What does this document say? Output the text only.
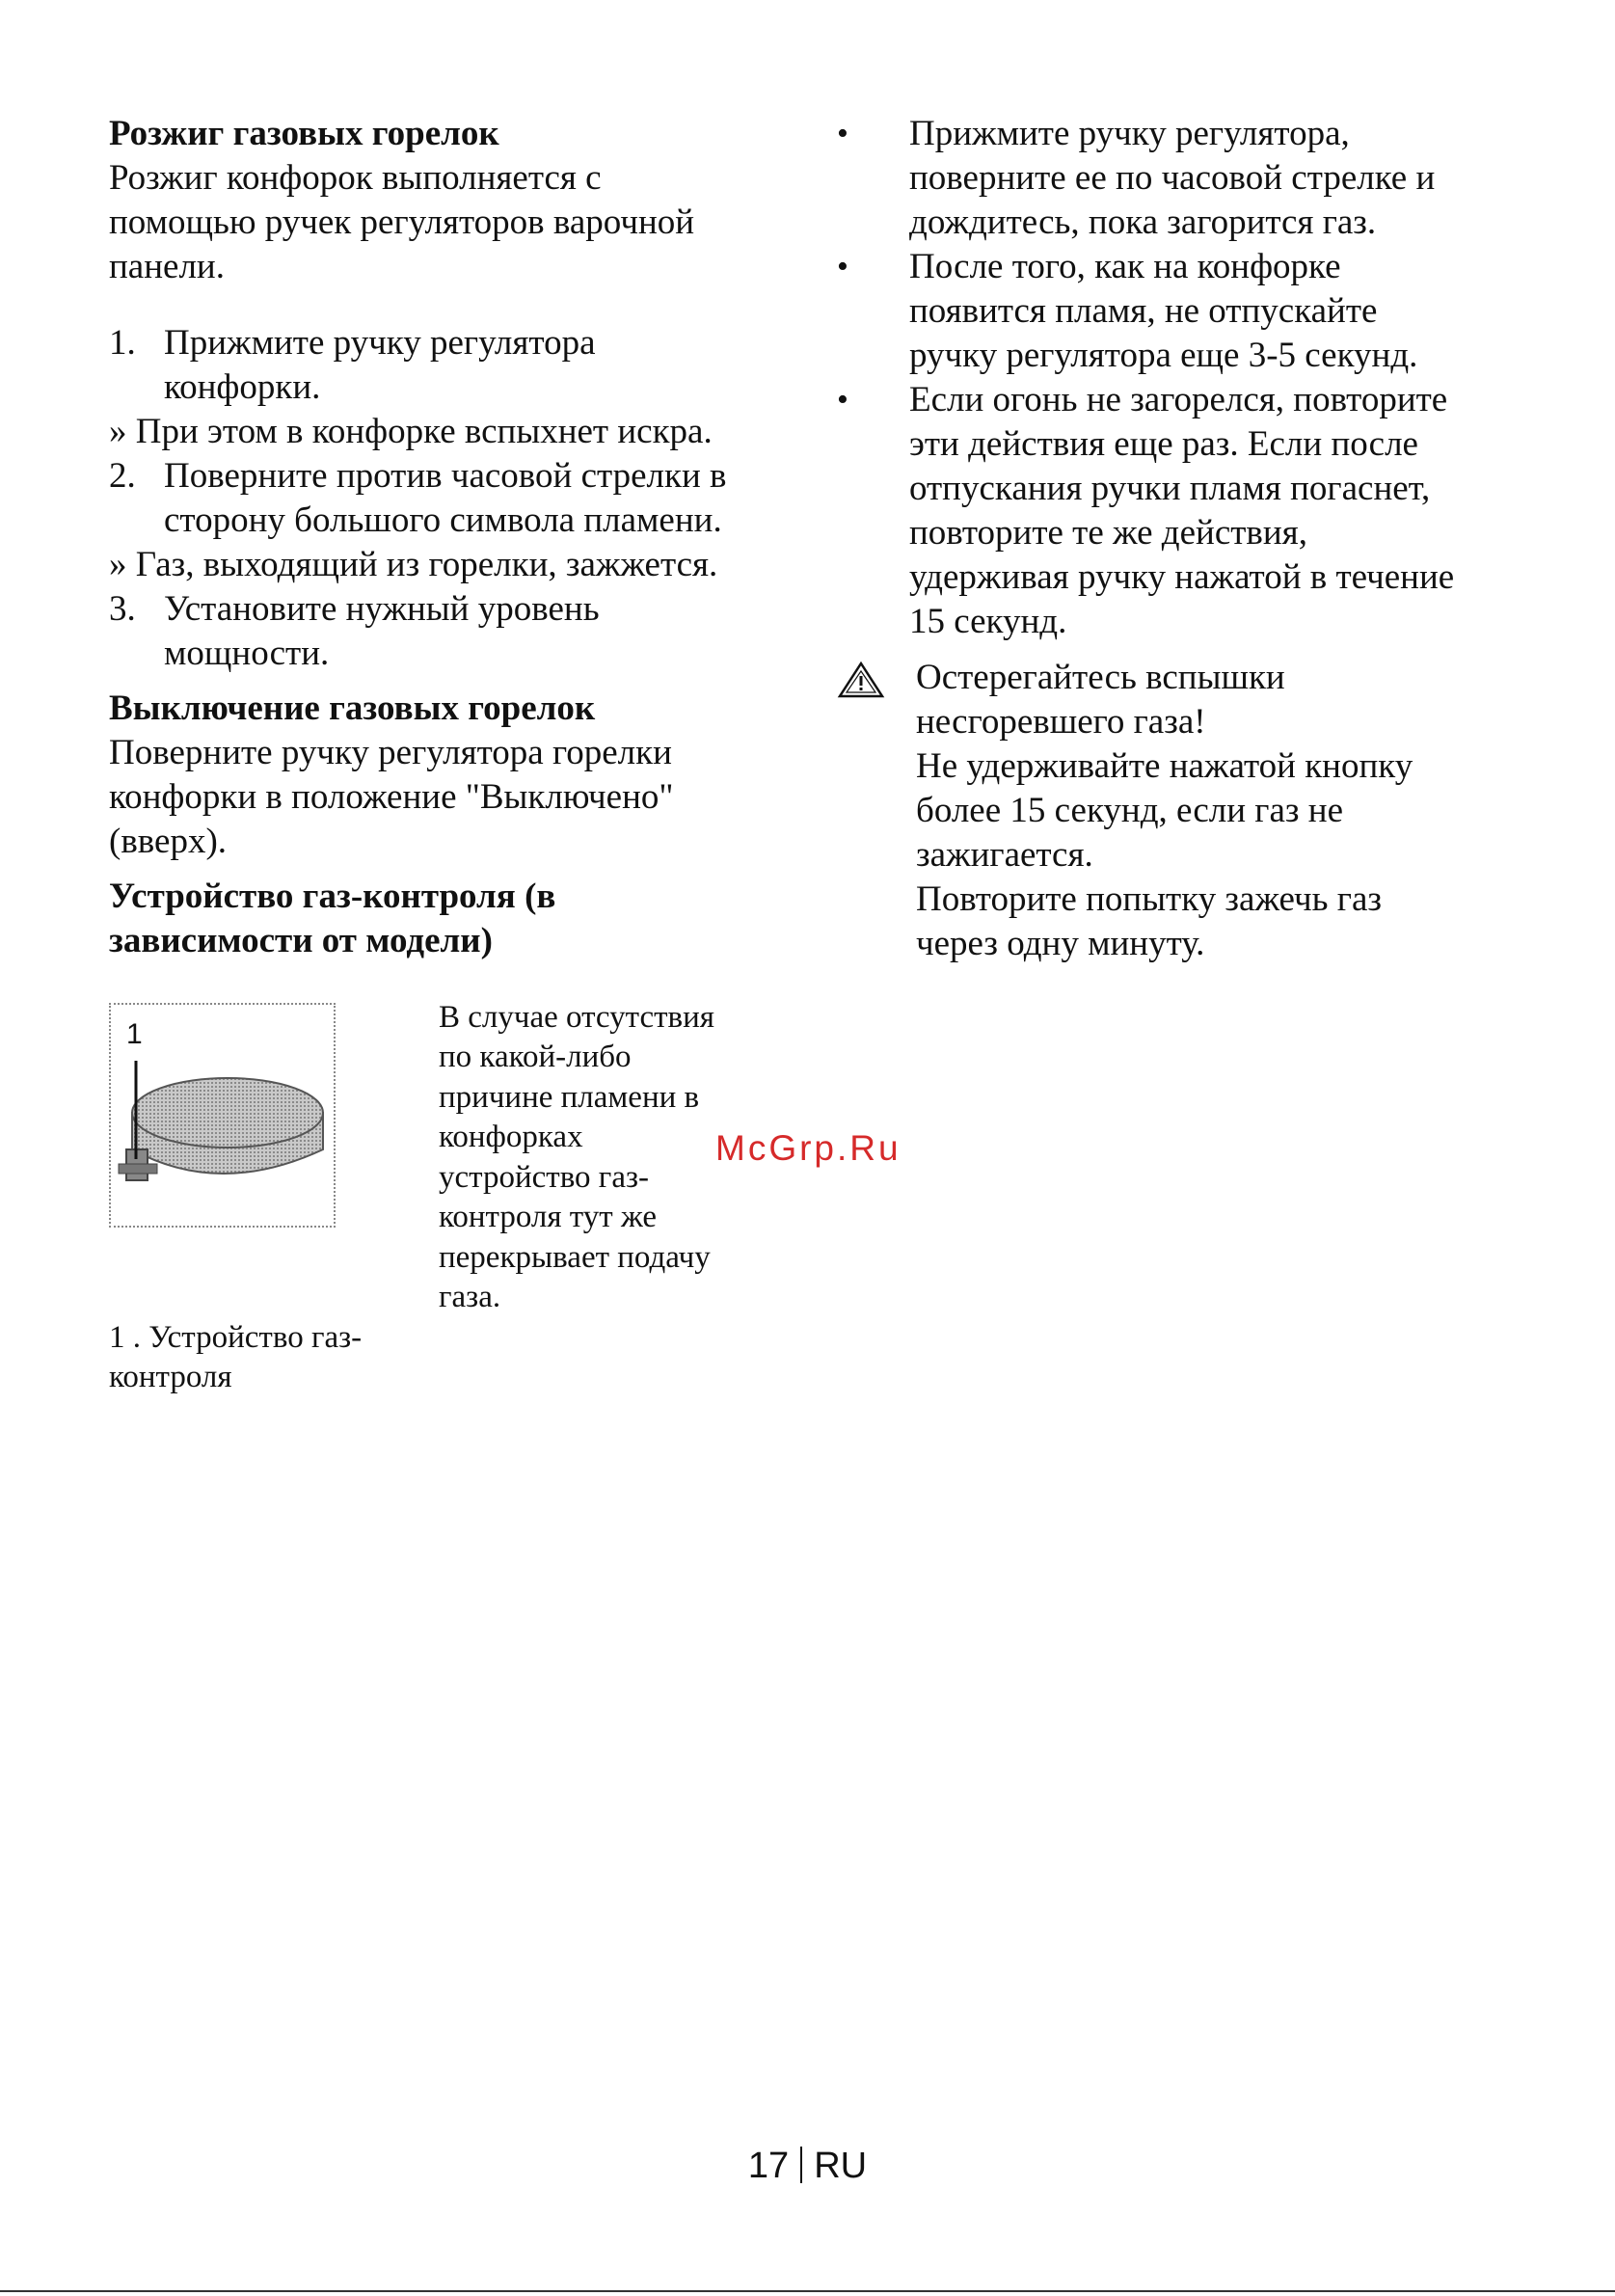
Розжиг газовых горелок
Розжиг конфорок выполняется с
помощью ручек регуляторов варочной
панели.
1. Прижмите ручку регулятора
конфорки.
» При этом в конфорке вспыхнет искра.
2. Поверните против часовой стрелки в
сторону большого символа пламени.
» Газ, выходящий из горелки, зажжется.
3. Установите нужный уровень
мощности.
Выключение газовых горелок
Поверните ручку регулятора горелки
конфорки в положение "Выключено"
(вверх).
Устройство газ-контроля (в
зависимости от модели)
1	В случае отсутствия
по какой-либо
причине пламени в
конфорках
устройство газ-
контроля тут же
перекрывает подачу
газа.
1 . Устройство газ-
контроля
McGrp.Ru
• Прижмите ручку регулятора,
поверните ее по часовой стрелке и
дождитесь, пока загорится газ.
• После того, как на конфорке
появится пламя, не отпускайте
ручку регулятора еще 3-5 секунд.
• Если огонь не загорелся, повторите
эти действия еще раз. Если после
отпускания ручки пламя погаснет,
повторите те же действия,
удерживая ручку нажатой в течение
15 секунд.
Остерегайтесь вспышки
несгоревшего газа!
Не удерживайте нажатой кнопку
более 15 секунд, если газ не
зажигается.
Повторите попытку зажечь газ
через одну минуту.
17 RU
